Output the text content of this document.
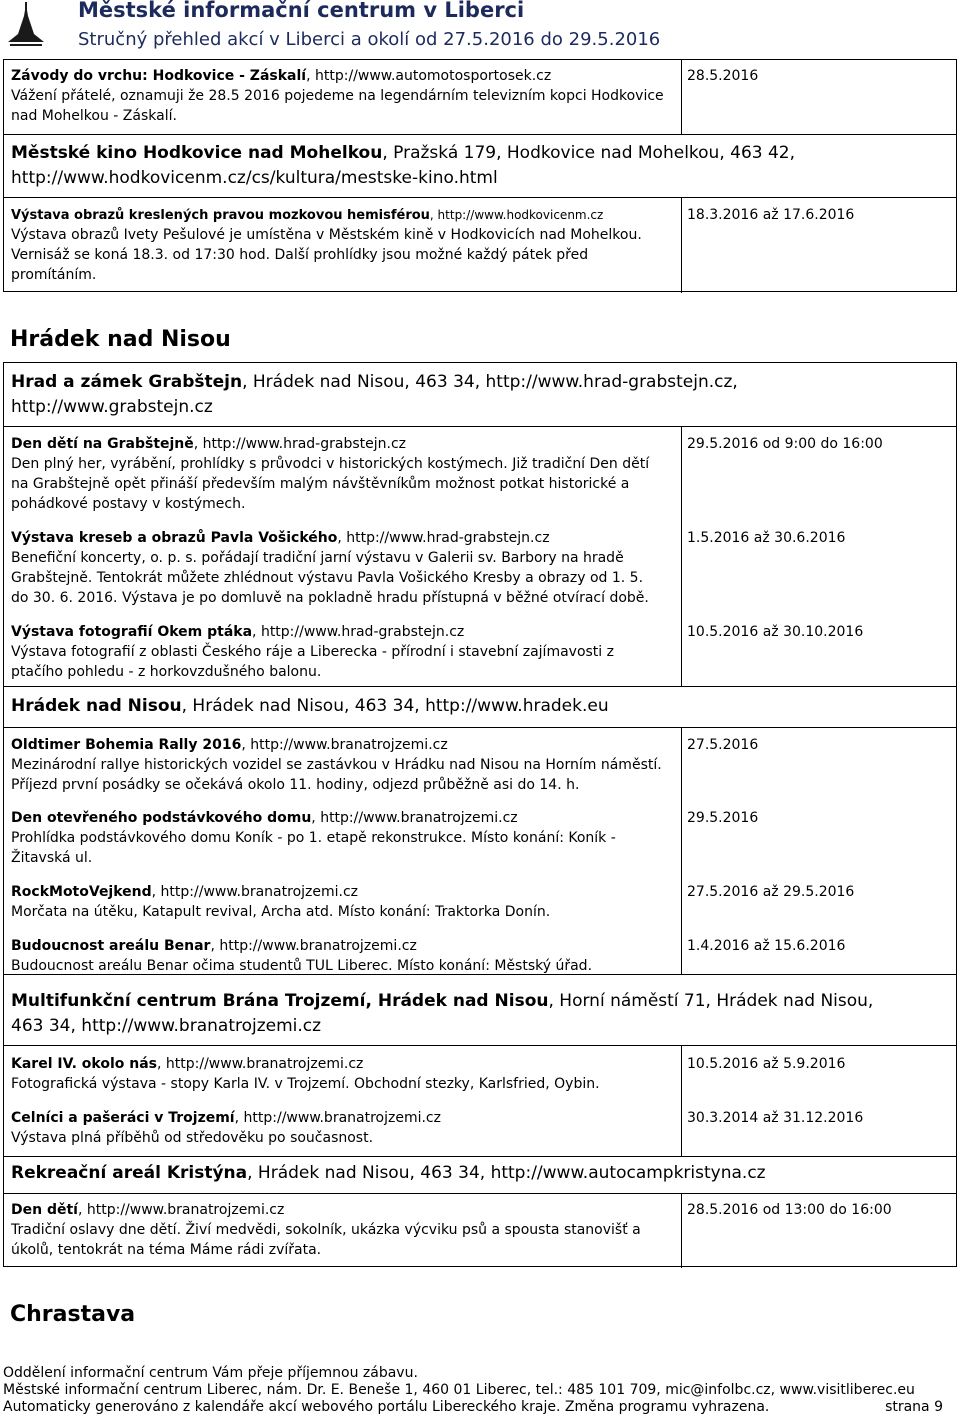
Městské informační centrum v Liberci
Stručný přehled akcí v Liberci a okolí od 27.5.2016 do 29.5.2016
Závody do vrchu: Hodkovice - Záskalí, http://www.automotosportosek.cz
Vážení přátelé, oznamuji že 28.5 2016 pojedeme na legendárním televizním kopci Hodkovice
nad Mohelkou - Záskalí.
28.5.2016
Městské kino Hodkovice nad Mohelkou, Pražská 179, Hodkovice nad Mohelkou, 463 42,
http://www.hodkovicenm.cz/cs/kultura/mestske-kino.html
Výstava obrazů kreslených pravou mozkovou hemisférou, http://www.hodkovicenm.cz
Výstava obrazů Ivety Pešulové je umístěna v Městském kině v Hodkovicích nad Mohelkou.
Vernisáž se koná 18.3. od 17:30 hod. Další prohlídky jsou možné každý pátek před
promítáním.
18.3.2016 až 17.6.2016
Hrádek nad Nisou
Hrad a zámek Grabštejn, Hrádek nad Nisou, 463 34, http://www.hrad-grabstejn.cz,
http://www.grabstejn.cz
Den dětí na Grabštejně, http://www.hrad-grabstejn.cz
Den plný her, vyrábění, prohlídky s průvodci v historických kostýmech. Již tradiční Den dětí
na Grabštejně opět přináší především malým návštěvníkům možnost potkat historické a
pohádkové postavy v kostýmech.
29.5.2016 od 9:00 do 16:00
Výstava kreseb a obrazů Pavla Vošického, http://www.hrad-grabstejn.cz
Benefiční koncerty, o. p. s. pořádají tradiční jarní výstavu v Galerii sv. Barbory na hradě
Grabštejně. Tentokrát můžete zhlédnout výstavu Pavla Vošického Kresby a obrazy od 1. 5.
do 30. 6. 2016. Výstava je po domluvě na pokladně hradu přístupná v běžné otvírací době.
1.5.2016 až 30.6.2016
Výstava fotografií Okem ptáka, http://www.hrad-grabstejn.cz
Výstava fotografií z oblasti Českého ráje a Liberecka - přírodní i stavební zajímavosti z
ptačího pohledu - z horkovzdušného balonu.
10.5.2016 až 30.10.2016
Hrádek nad Nisou, Hrádek nad Nisou, 463 34, http://www.hradek.eu
Oldtimer Bohemia Rally 2016, http://www.branatrojzemi.cz
Mezinárodní rallye historických vozidel se zastávkou v Hrádku nad Nisou na Horním náměstí.
Příjezd první posádky se očekává okolo 11. hodiny, odjezd průběžně asi do 14. h.
27.5.2016
Den otevřeného podstávkového domu, http://www.branatrojzemi.cz
Prohlídka podstávkového domu Koník - po 1. etapě rekonstrukce. Místo konání: Koník -
Žitavská ul.
29.5.2016
RockMotoVejkend, http://www.branatrojzemi.cz
Morčata na útěku, Katapult revival, Archa atd. Místo konání: Traktorka Donín.
27.5.2016 až 29.5.2016
Budoucnost areálu Benar, http://www.branatrojzemi.cz
Budoucnost areálu Benar očima studentů TUL Liberec. Místo konání: Městský úřad.
1.4.2016 až 15.6.2016
Multifunkční centrum Brána Trojzemí, Hrádek nad Nisou, Horní náměstí 71, Hrádek nad Nisou,
463 34, http://www.branatrojzemi.cz
Karel IV. okolo nás, http://www.branatrojzemi.cz
Fotografická výstava - stopy Karla IV. v Trojzemí. Obchodní stezky, Karlsfried, Oybin.
10.5.2016 až 5.9.2016
Celníci a pašeráci v Trojzemí, http://www.branatrojzemi.cz
Výstava plná příběhů od středověku po současnost.
30.3.2014 až 31.12.2016
Rekreační areál Kristýna, Hrádek nad Nisou, 463 34, http://www.autocampkristyna.cz
Den dětí, http://www.branatrojzemi.cz
Tradiční oslavy dne dětí. Živí medvědi, sokolník, ukázka výcviku psů a spousta stanovišť a
úkolů, tentokrát na téma Máme rádi zvířata.
28.5.2016 od 13:00 do 16:00
Chrastava
Oddělení informační centrum Vám přeje příjemnou zábavu.
Městské informační centrum Liberec, nám. Dr. E. Beneše 1, 460 01 Liberec, tel.: 485 101 709, mic@infolbc.cz, www.visitliberec.eu
Automaticky generováno z kalendáře akcí webového portálu Libereckého kraje. Změna programu vyhrazena.	strana 9
